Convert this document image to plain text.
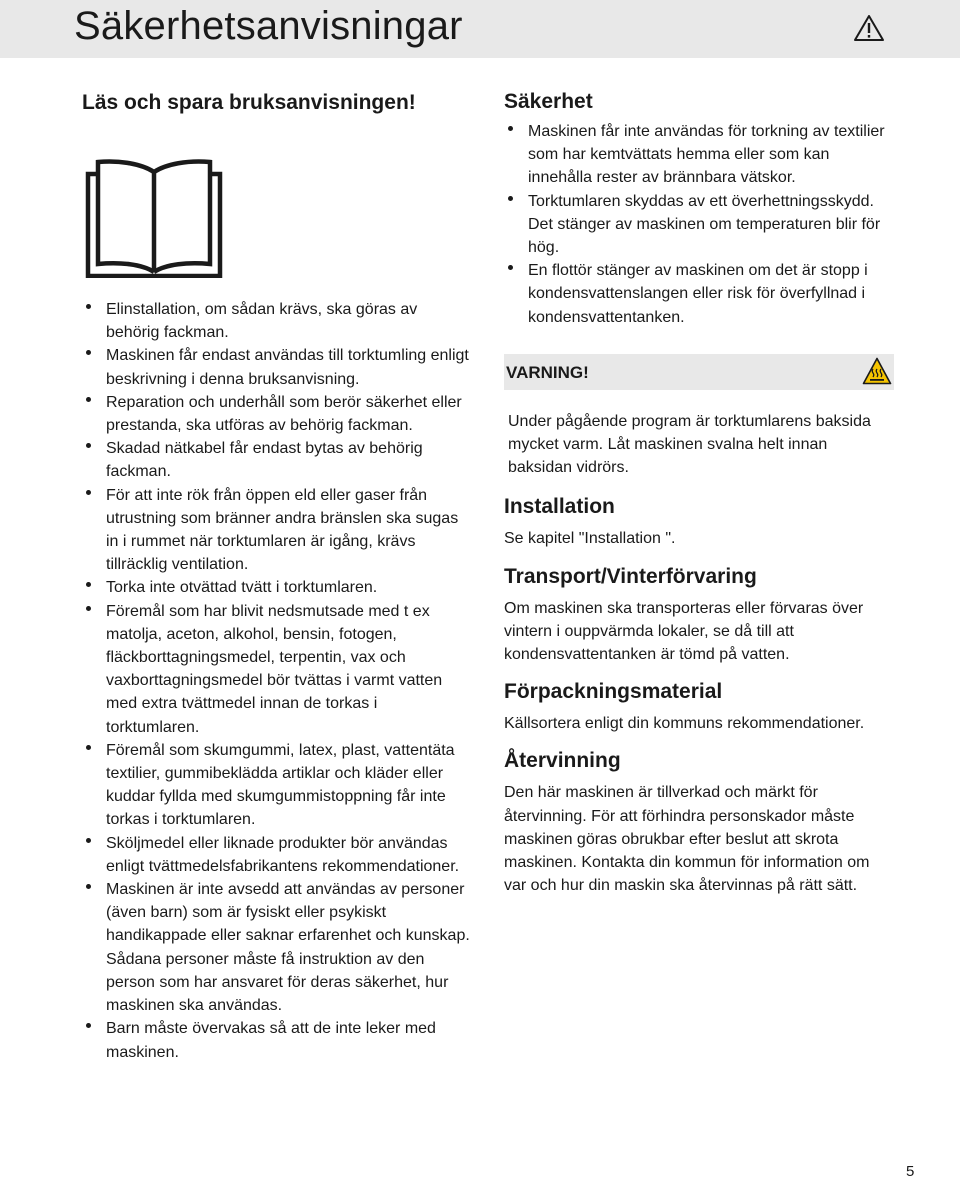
Säkerhetsanvisningar
Läs och spara bruksanvisningen!
Elinstallation, om sådan krävs, ska göras av behörig fackman.
Maskinen får endast användas till torktumling enligt beskrivning i denna bruksanvisning.
Reparation och underhåll som berör säkerhet eller prestanda, ska utföras av behörig fackman.
Skadad nätkabel får endast bytas av behörig fackman.
För att inte rök från öppen eld eller gaser från utrustning som bränner andra bränslen ska sugas in i rummet när torktumlaren är igång, krävs tillräcklig ventilation.
Torka inte otvättad tvätt i torktumlaren.
Föremål som har blivit nedsmutsade med t ex matolja, aceton, alkohol, bensin, fotogen, fläckborttagningsmedel, terpentin, vax och vaxborttagningsmedel bör tvättas i varmt vatten med extra tvättmedel innan de torkas i torktumlaren.
Föremål som skumgummi, latex, plast, vattentäta textilier, gummibeklädda artiklar och kläder eller kuddar fyllda med skumgummistoppning får inte torkas i torktumlaren.
Sköljmedel eller liknade produkter bör användas enligt tvättmedelsfabrikantens rekommendationer.
Maskinen är inte avsedd att användas av personer (även barn) som är fysiskt eller psykiskt handikappade eller saknar erfarenhet och kunskap. Sådana personer måste få instruktion av den person som har ansvaret för deras säkerhet, hur maskinen ska användas.
Barn måste övervakas så att de inte leker med maskinen.
Säkerhet
Maskinen får inte användas för torkning av textilier som har kemtvättats hemma eller som kan innehålla rester av brännbara vätskor.
Torktumlaren skyddas av ett överhettningsskydd. Det stänger av maskinen om temperaturen blir för hög.
En flottör stänger av maskinen om det är stopp i kondensvattenslangen eller risk för överfyllnad i kondensvattentanken.
VARNING!

Under pågående program är torktumlarens baksida mycket varm. Låt maskinen svalna helt innan baksidan vidrörs.

Installation

Se kapitel "Installation ".

Transport/Vinterförvaring

Om maskinen ska transporteras eller förvaras över vintern i ouppvärmda lokaler, se då till att kondensvattentanken är tömd på vatten.

Förpackningsmaterial

Källsortera enligt din kommuns rekommendationer.

Återvinning

Den här maskinen är tillverkad och märkt för återvinning. För att förhindra personskador måste maskinen göras obrukbar efter beslut att skrota maskinen. Kontakta din kommun för information om var och hur din maskin ska återvinnas på rätt sätt.

5
